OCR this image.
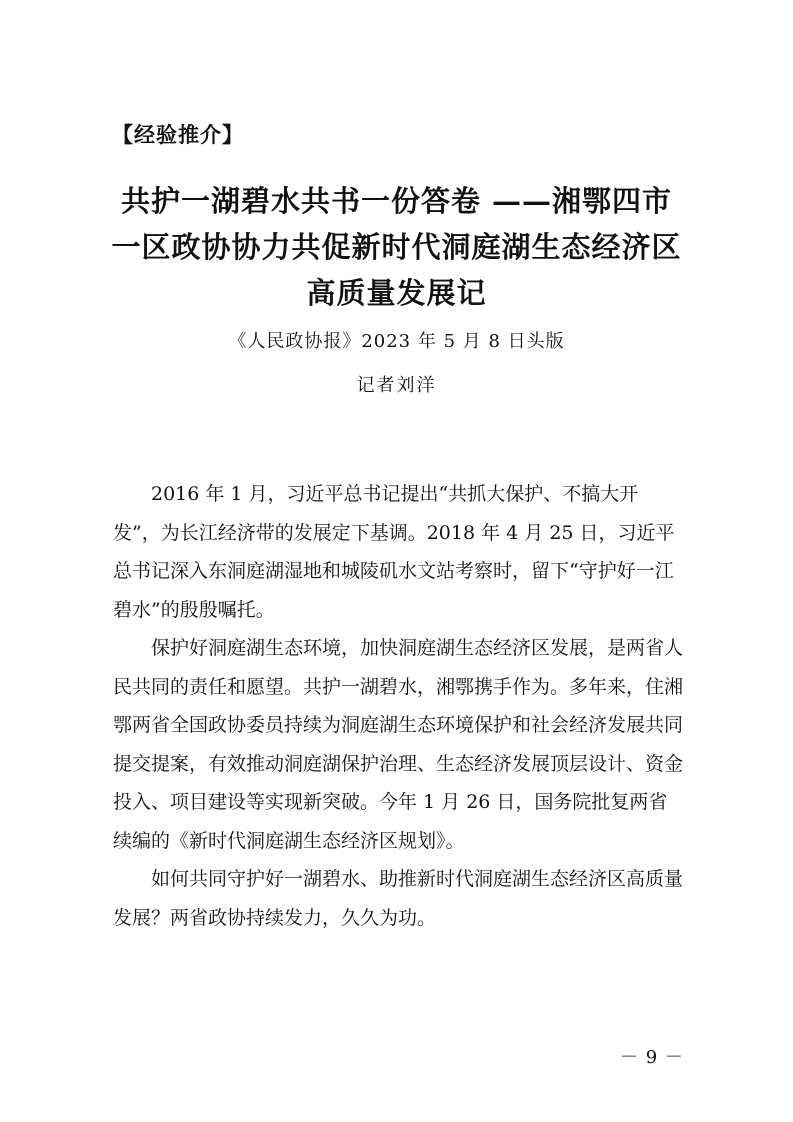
【经验推介】
共护一湖碧水共书一份答卷 ——湘鄂四市
一区政协协力共促新时代洞庭湖生态经济区
高质量发展记
《人民政协报》2023 年 5 月 8 日头版
记者刘洋

2016 年 1 月，习近平总书记提出“共抓大保护、不搞大开发”，为长江经济带的发展定下基调。2018 年 4 月 25 日，习近平总书记深入东洞庭湖湿地和城陵矶水文站考察时，留下“守护好一江碧水”的殷殷嘱托。

保护好洞庭湖生态环境，加快洞庭湖生态经济区发展，是两省人民共同的责任和愿望。共护一湖碧水，湘鄂携手作为。多年来，住湘鄂两省全国政协委员持续为洞庭湖生态环境保护和社会经济发展共同提交提案，有效推动洞庭湖保护治理、生态经济发展顶层设计、资金投入、项目建设等实现新突破。今年 1 月 26 日，国务院批复两省续编的《新时代洞庭湖生态经济区规划》。

如何共同守护好一湖碧水、助推新时代洞庭湖生态经济区高质量发展？两省政协持续发力，久久为功。

－ 9 －
